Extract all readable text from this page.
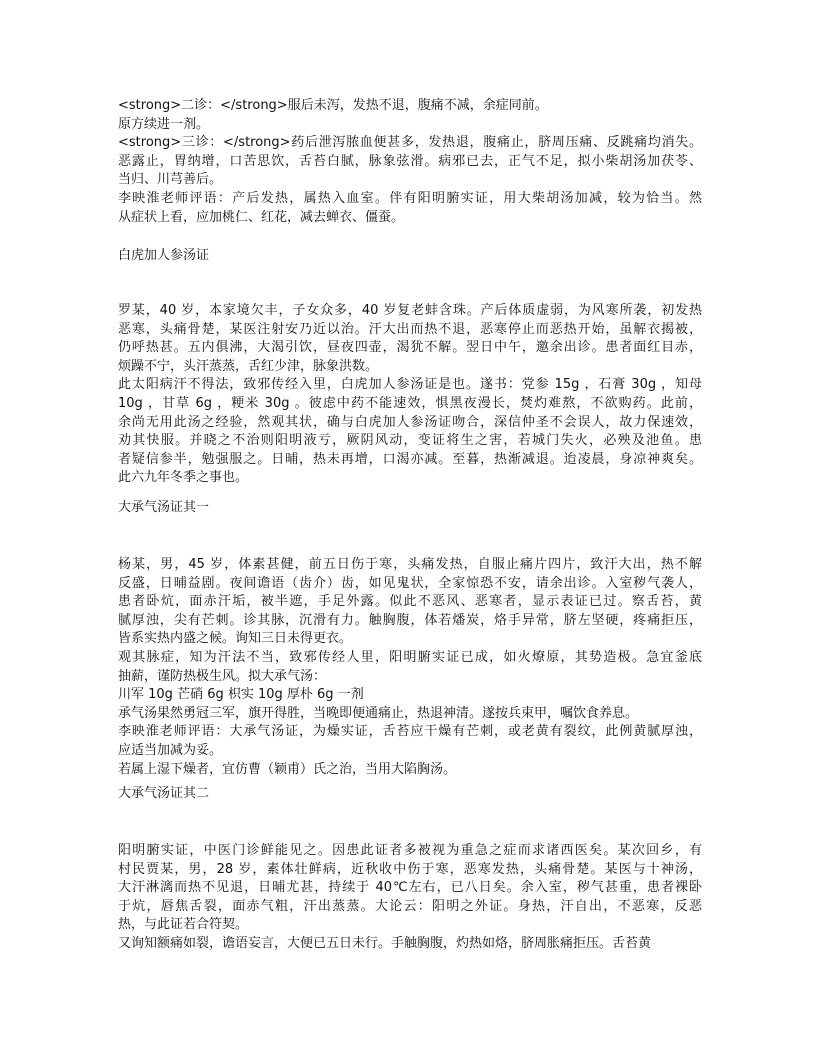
<strong>二诊：</strong>服后未泻，发热不退，腹痛不减，余症同前。
原方续进一剂。
<strong>三诊：</strong>药后泄泻脓血便甚多，发热退，腹痛止，脐周压痛、反跳痛均消失。
恶露止，胃纳增，口苦思饮，舌苔白腻，脉象弦滑。病邪已去，正气不足，拟小柴胡汤加茯苓、
当归、川芎善后。
李映淮老师评语：产后发热，属热入血室。伴有阳明腑实证，用大柴胡汤加减，较为恰当。然
从症状上看，应加桃仁、红花，减去蝉衣、僵蚕。
白虎加人参汤证
罗某，40 岁，本家境欠丰，子女众多，40 岁复老蚌含珠。产后体质虚弱，为风寒所袭，初发热
恶寒，头痛骨楚，某医注射安乃近以治。汗大出而热不退，恶寒停止而恶热开始，虽解衣揭被，
仍呼热甚。五内俱沸，大渴引饮，昼夜四壶，渴犹不解。翌日中午，邀余出诊。患者面红目赤，
烦躁不宁，头汗蒸蒸，舌红少津，脉象洪数。
此太阳病汗不得法，致邪传经入里，白虎加人参汤证是也。遂书：党参 15g ，石膏 30g ，知母
10g ，甘草 6g ，粳米 30g 。彼虑中药不能速效，惧黑夜漫长，焚灼难熬，不欲购药。此前，
余尚无用此汤之经验，然观其状，确与白虎加人参汤证吻合，深信仲圣不会误人，故力保速效，
劝其快服。并晓之不治则阳明液亏，厥阴风动，变证将生之害，若城门失火，必殃及池鱼。患
者疑信参半，勉强服之。日晡，热未再增，口渴亦减。至暮，热渐减退。迨凌晨，身凉神爽矣。
此六九年冬季之事也。
大承气汤证其一
杨某，男，45 岁，体素甚健，前五日伤于寒，头痛发热，自服止痛片四片，致汗大出，热不解
反盛，日晡益剧。夜间谵语（齿介）齿，如见鬼状，全家惊恐不安，请余出诊。入室秽气袭人，
患者卧炕，面赤汗垢，被半遮，手足外露。似此不恶风、恶寒者，显示表证已过。察舌苔，黄
腻厚浊，尖有芒刺。诊其脉，沉滑有力。触胸腹，体若燔炭，烙手异常，脐左坚硬，疼痛拒压，
皆系实热内盛之候。询知三日未得更衣。
观其脉症，知为汗法不当，致邪传经人里，阳明腑实证已成，如火燎原，其势造极。急宜釜底
抽薪，谨防热极生风。拟大承气汤：
川军 10g 芒硝 6g 枳实 10g 厚朴 6g 一剂
承气汤果然勇冠三军，旗开得胜，当晚即便通痛止，热退神清。遂按兵束甲，嘱饮食养息。
李映淮老师评语：大承气汤证，为燥实证，舌苔应干燥有芒刺，或老黄有裂纹，此例黄腻厚浊，
应适当加减为妥。
若属上湿下燥者，宜仿曹（颖甫）氏之治，当用大陷胸汤。
大承气汤证其二
阳明腑实证，中医门诊鲜能见之。因患此证者多被视为重急之症而求诸西医矣。某次回乡，有
村民贾某，男，28 岁，素体壮鲜病，近秋收中伤于寒，恶寒发热，头痛骨楚。某医与十神汤，
大汗淋漓而热不见退，日晡尤甚，持续于 40℃左右，已八日矣。余入室，秽气甚重，患者裸卧
于炕，唇焦舌裂，面赤气粗，汗出蒸蒸。大论云：阳明之外证。身热，汗自出，不恶寒，反恶
热，与此证若合符契。
又询知额痛如裂，谵语妄言，大便已五日未行。手触胸腹，灼热如烙，脐周胀痛拒压。舌苔黄
